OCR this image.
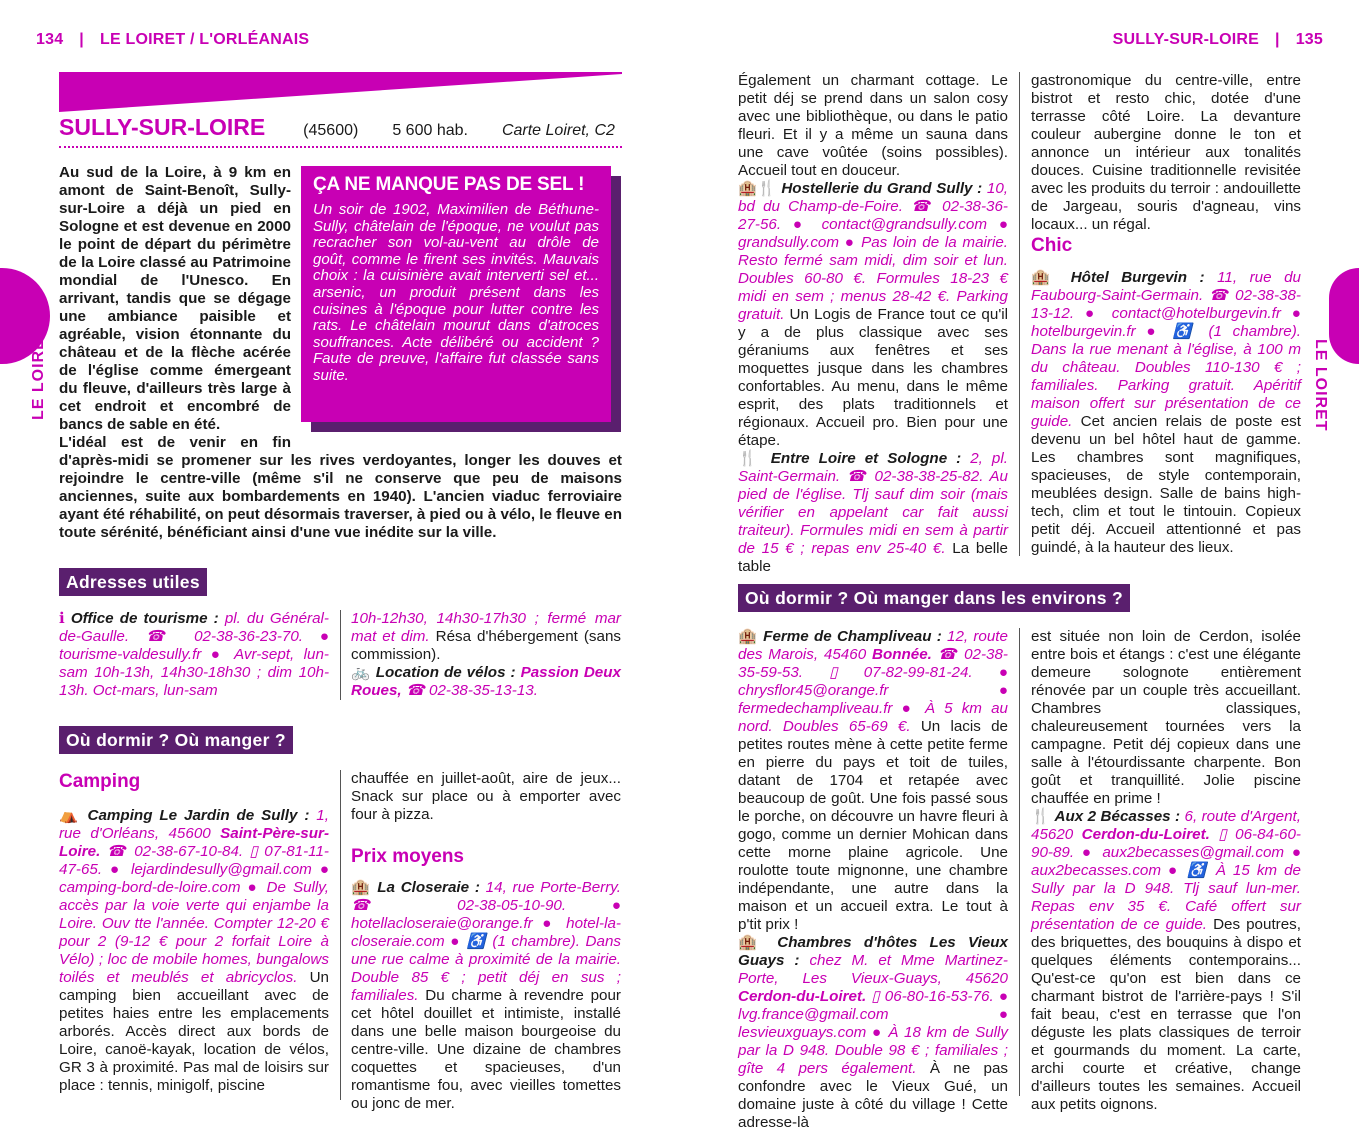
134 | LE LOIRET / L'ORLÉANAIS	SULLY-SUR-LOIRE | 135
LE LOIRET	LE LOIRET
SULLY-SUR-LOIRE (45600) 5 600 hab. Carte Loiret, C2
Au sud de la Loire, à 9 km en amont de Saint-Benoît, Sully-sur-Loire a déjà un pied en Sologne et est devenue en 2000 le point de départ du périmètre de la Loire classé au Patrimoine mondial de l'Unesco. En arrivant, tandis que se dégage une ambiance paisible et agréable, vision étonnante du château et de la flèche acérée de l'église comme émergeant du fleuve, d'ailleurs très large à cet endroit et encombré de bancs de sable en été.

L'idéal est de venir en fin
d'après-midi se promener sur les rives verdoyantes, longer les douves et rejoindre le centre-ville (même s'il ne conserve que peu de maisons anciennes, suite aux bombardements en 1940). L'ancien viaduc ferroviaire ayant été réhabilité, on peut désormais traverser, à pied ou à vélo, le fleuve en toute sérénité, bénéficiant ainsi d'une vue inédite sur la ville.
ÇA NE MANQUE PAS DE SEL !

Un soir de 1902, Maximilien de Béthune-Sully, châtelain de l'époque, ne voulut pas recracher son vol-au-vent au drôle de goût, comme le firent ses invités. Mauvais choix : la cuisinière avait interverti sel et... arsenic, un produit présent dans les cuisines à l'époque pour lutter contre les rats. Le châtelain mourut dans d'atroces souffrances. Acte délibéré ou accident ? Faute de preuve, l'affaire fut classée sans suite.

Adresses utiles
ℹ Office de tourisme : pl. du Général-de-Gaulle. ☎ 02-38-36-23-70. ● tourisme-valdesully.fr ● Avr-sept, lun-sam 10h-13h, 14h30-18h30 ; dim 10h-13h. Oct-mars, lun-sam
10h-12h30, 14h30-17h30 ; fermé mar mat et dim. Résa d'hébergement (sans commission).
🚲 Location de vélos : Passion Deux Roues, ☎ 02-38-35-13-13.
Où dormir ? Où manger ?
Camping
⛺ Camping Le Jardin de Sully : 1, rue d'Orléans, 45600 Saint-Père-sur-Loire. ☎ 02-38-67-10-84. ▯ 07-81-11-47-65. ● lejardindesully@gmail.com ● camping-bord-de-loire.com ● De Sully, accès par la voie verte qui enjambe la Loire. Ouv tte l'année. Compter 12-20 € pour 2 (9-12 € pour 2 forfait Loire à Vélo) ; loc de mobile homes, bungalows toilés et meublés et abricyclos. Un camping bien accueillant avec de petites haies entre les emplacements arborés. Accès direct aux bords de Loire, canoë-kayak, location de vélos, GR 3 à proximité. Pas mal de loisirs sur place : tennis, minigolf, piscine
chauffée en juillet-août, aire de jeux... Snack sur place ou à emporter avec four à pizza.
Prix moyens
🏨 La Closeraie : 14, rue Porte-Berry. ☎ 02-38-05-10-90. ● hotellacloseraie@orange.fr ● hotel-la-closeraie.com ● ♿ (1 chambre). Dans une rue calme à proximité de la mairie. Double 85 € ; petit déj en sus ; familiales. Du charme à revendre pour cet hôtel douillet et intimiste, installé dans une belle maison bourgeoise du centre-ville. Une dizaine de chambres coquettes et spacieuses, d'un romantisme fou, avec vieilles tomettes ou jonc de mer.
Également un charmant cottage. Le petit déj se prend dans un salon cosy avec une bibliothèque, ou dans le patio fleuri. Et il y a même un sauna dans une cave voûtée (soins possibles). Accueil tout en douceur.
🏨🍴 Hostellerie du Grand Sully : 10, bd du Champ-de-Foire. ☎ 02-38-36-27-56. ● contact@grandsully.com ● grandsully.com ● Pas loin de la mairie. Resto fermé sam midi, dim soir et lun. Doubles 60-80 €. Formules 18-23 € midi en sem ; menus 28-42 €. Parking gratuit. Un Logis de France tout ce qu'il y a de plus classique avec ses géraniums aux fenêtres et ses moquettes jusque dans les chambres confortables. Au menu, dans le même esprit, des plats traditionnels et régionaux. Accueil pro. Bien pour une étape.
🍴 Entre Loire et Sologne : 2, pl. Saint-Germain. ☎ 02-38-38-25-82. Au pied de l'église. Tlj sauf dim soir (mais vérifier en appelant car fait aussi traiteur). Formules midi en sem à partir de 15 € ; repas env 25-40 €. La belle table
gastronomique du centre-ville, entre bistrot et resto chic, dotée d'une terrasse côté Loire. La devanture couleur aubergine donne le ton et annonce un intérieur aux tonalités douces. Cuisine traditionnelle revisitée avec les produits du terroir : andouillette de Jargeau, souris d'agneau, vins locaux... un régal.
Chic
🏨 Hôtel Burgevin : 11, rue du Faubourg-Saint-Germain. ☎ 02-38-38-13-12. ● contact@hotelburgevin.fr ● hotelburgevin.fr ● ♿ (1 chambre). Dans la rue menant à l'église, à 100 m du château. Doubles 110-130 € ; familiales. Parking gratuit. Apéritif maison offert sur présentation de ce guide. Cet ancien relais de poste est devenu un bel hôtel haut de gamme. Les chambres sont magnifiques, spacieuses, de style contemporain, meublées design. Salle de bains high-tech, clim et tout le tintouin. Copieux petit déj. Accueil attentionné et pas guindé, à la hauteur des lieux.
Où dormir ? Où manger dans les environs ?
🏨 Ferme de Champliveau : 12, route des Marois, 45460 Bonnée. ☎ 02-38-35-59-53. ▯ 07-82-99-81-24. ● chrysflor45@orange.fr ● fermedechampliveau.fr ● À 5 km au nord. Doubles 65-69 €. Un lacis de petites routes mène à cette petite ferme en pierre du pays et toit de tuiles, datant de 1704 et retapée avec beaucoup de goût. Une fois passé sous le porche, on découvre un havre fleuri à gogo, comme un dernier Mohican dans cette morne plaine agricole. Une roulotte toute mignonne, une chambre indépendante, une autre dans la maison et un accueil extra. Le tout à p'tit prix !
🏨 Chambres d'hôtes Les Vieux Guays : chez M. et Mme Martinez-Porte, Les Vieux-Guays, 45620 Cerdon-du-Loiret. ▯ 06-80-16-53-76. ● lvg.france@gmail.com ● lesvieuxguays.com ● À 18 km de Sully par la D 948. Double 98 € ; familiales ; gîte 4 pers également. À ne pas confondre avec le Vieux Gué, un domaine juste à côté du village ! Cette adresse-là
est située non loin de Cerdon, isolée entre bois et étangs : c'est une élégante demeure solognote entièrement rénovée par un couple très accueillant. Chambres classiques, chaleureusement tournées vers la campagne. Petit déj copieux dans une salle à l'étourdissante charpente. Bon goût et tranquillité. Jolie piscine chauffée en prime !
🍴 Aux 2 Bécasses : 6, route d'Argent, 45620 Cerdon-du-Loiret. ▯ 06-84-60-90-89. ● aux2becasses@gmail.com ● aux2becasses.com ● ♿ À 15 km de Sully par la D 948. Tlj sauf lun-mer. Repas env 35 €. Café offert sur présentation de ce guide. Des poutres, des briquettes, des bouquins à dispo et quelques éléments contemporains... Qu'est-ce qu'on est bien dans ce charmant bistrot de l'arrière-pays ! S'il fait beau, c'est en terrasse que l'on déguste les plats classiques de terroir et gourmands du moment. La carte, archi courte et créative, change d'ailleurs toutes les semaines. Accueil aux petits oignons.
